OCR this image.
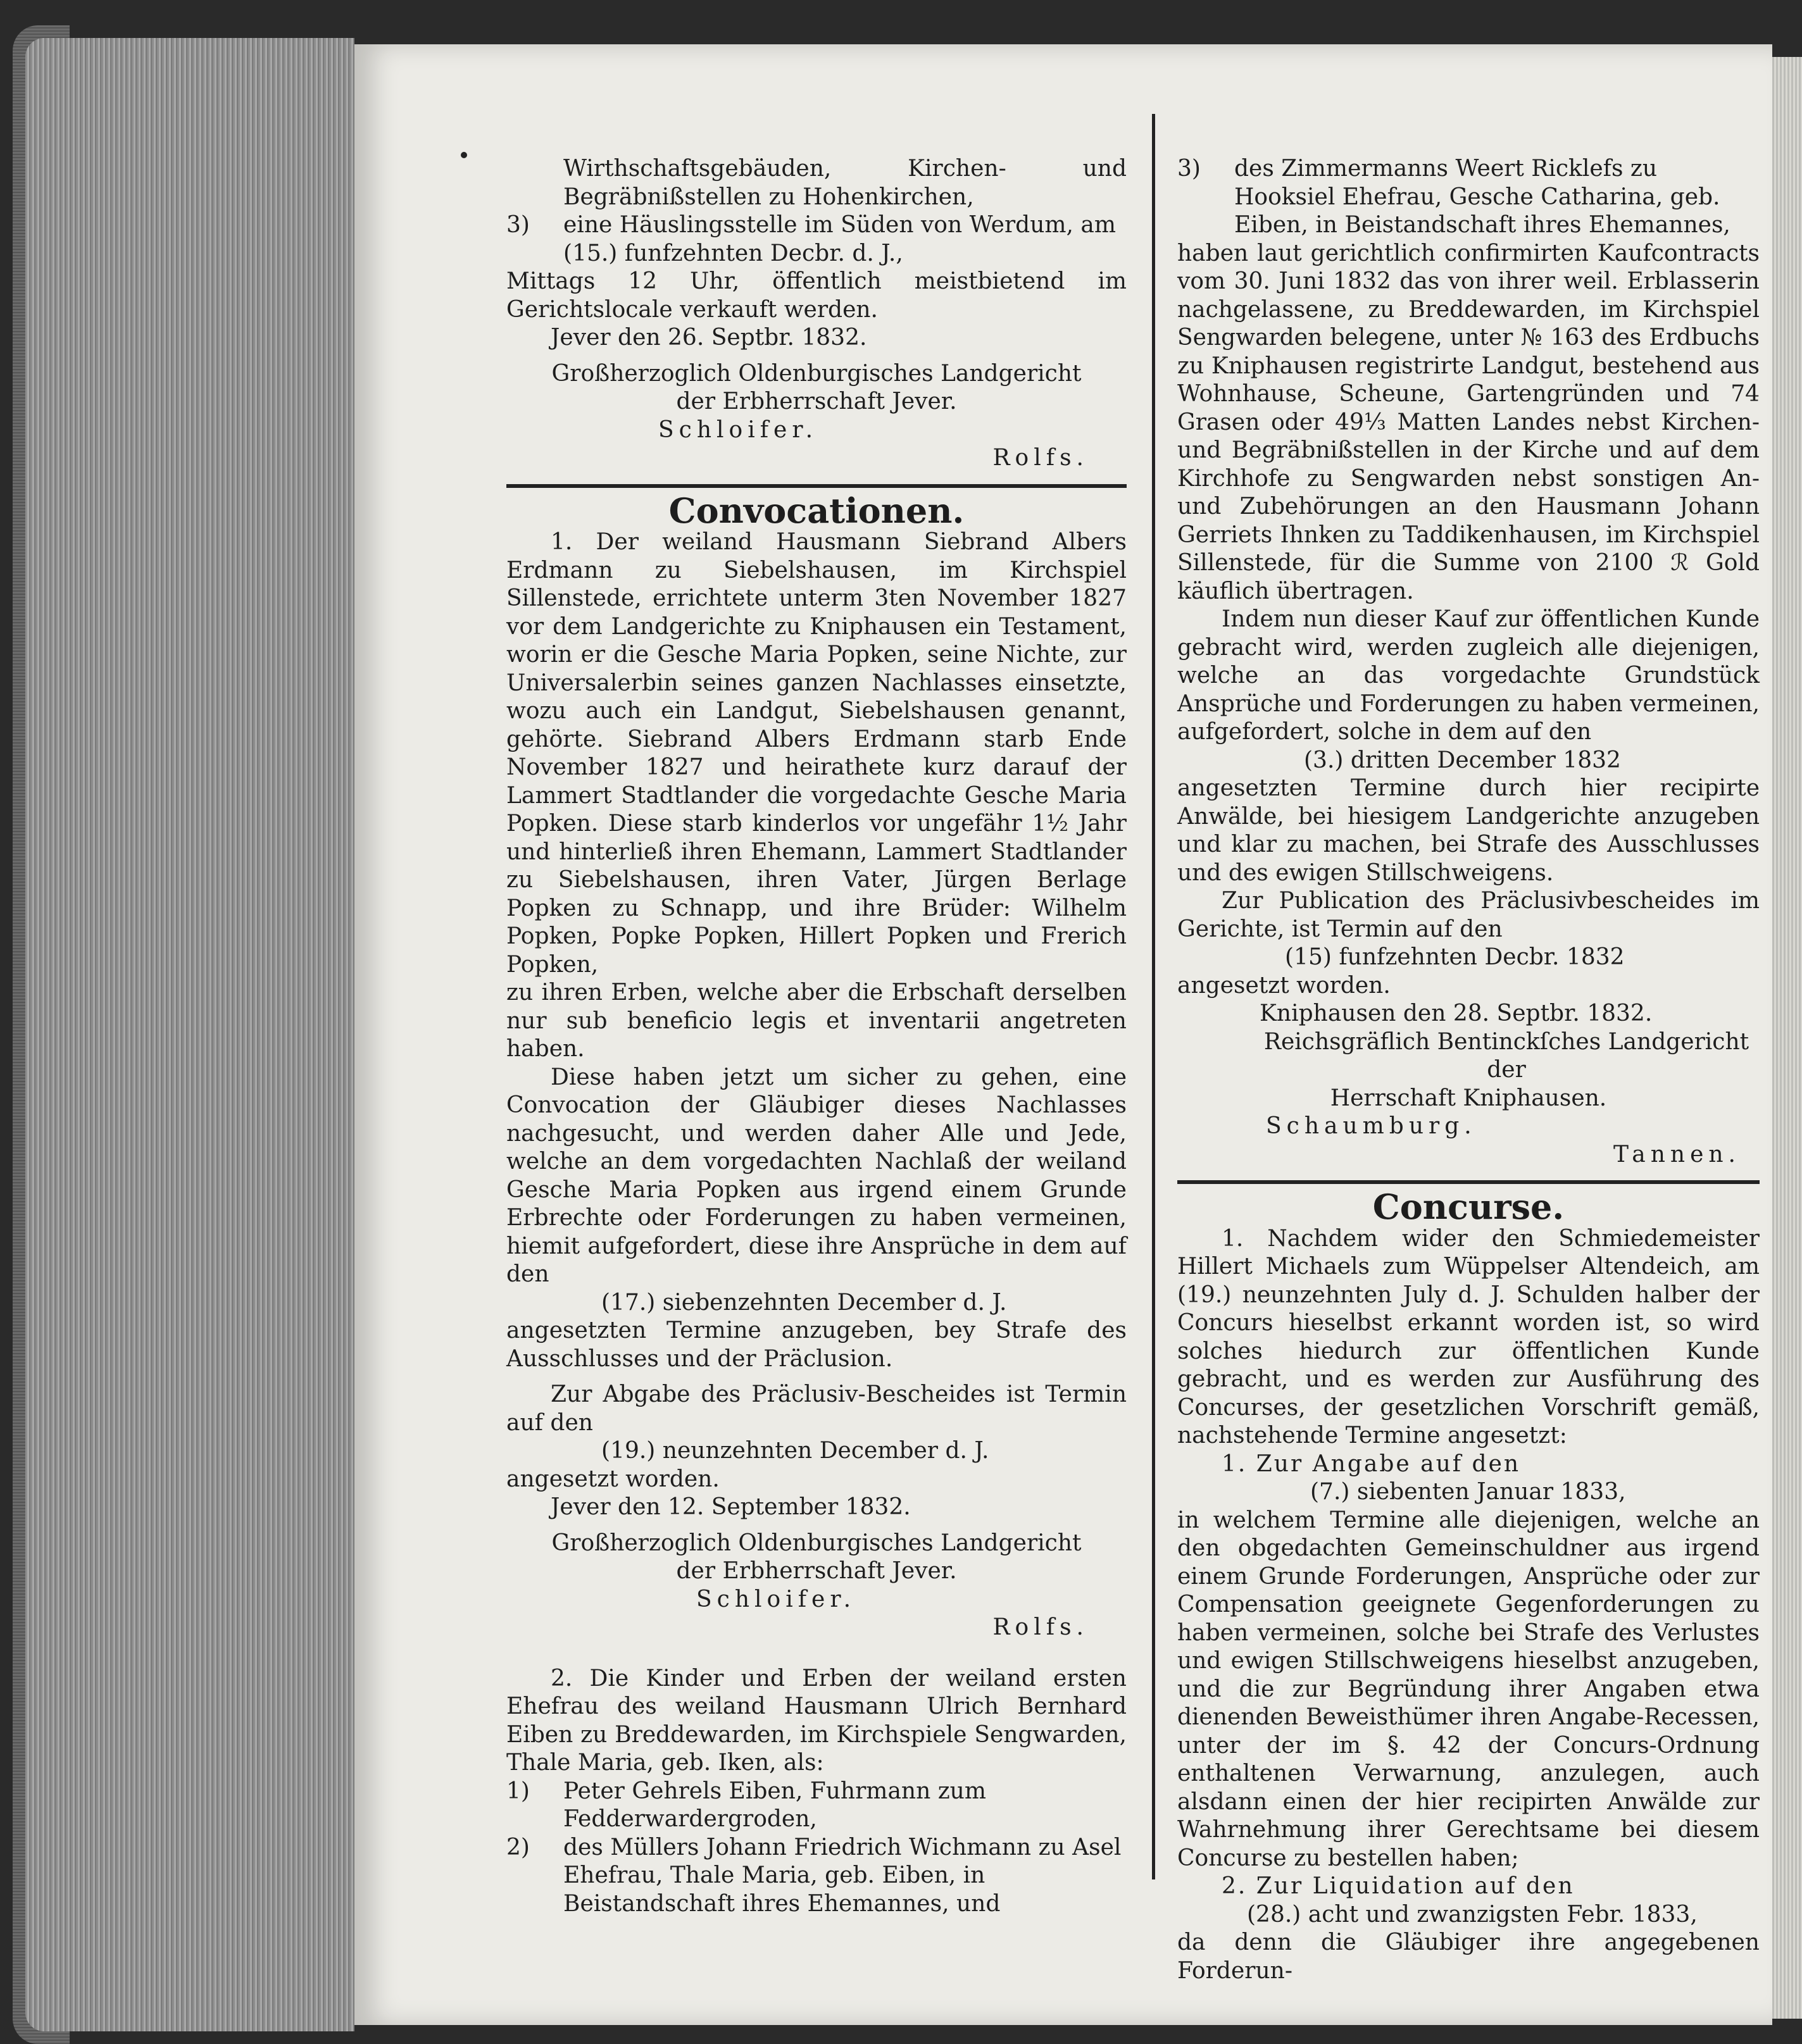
Wirthschaftsgebäuden, Kirchen- und Begräbnißstellen zu Hohenkirchen,

3)	eine Häuslingsstelle im Süden von Werdum, am (15.) funfzehnten Decbr. d. J.,

Mittags 12 Uhr, öffentlich meistbietend im Gerichtslocale verkauft werden.

Jever den 26. Septbr. 1832.

Großherzoglich Oldenburgisches Landgericht

der Erbherrschaft Jever.

Schloifer.

Rolfs.

Convocationen.

1. Der weiland Hausmann Siebrand Albers Erdmann zu Siebelshausen, im Kirchspiel Sillenstede, errichtete unterm 3ten November 1827 vor dem Landgerichte zu Kniphausen ein Testament, worin er die Gesche Maria Popken, seine Nichte, zur Universalerbin seines ganzen Nachlasses einsetzte, wozu auch ein Landgut, Siebelshausen genannt, gehörte. Siebrand Albers Erdmann starb Ende November 1827 und heirathete kurz darauf der Lammert Stadtlander die vorgedachte Gesche Maria Popken. Diese starb kinderlos vor ungefähr 1½ Jahr und hinterließ ihren Ehemann, Lammert Stadtlander zu Siebelshausen, ihren Vater, Jürgen Berlage Popken zu Schnapp, und ihre Brüder: Wilhelm Popken, Popke Popken, Hillert Popken und Frerich Popken,

zu ihren Erben, welche aber die Erbschaft derselben nur sub beneficio legis et inventarii angetreten haben.

Diese haben jetzt um sicher zu gehen, eine Convocation der Gläubiger dieses Nachlasses nachgesucht, und werden daher Alle und Jede, welche an dem vorgedachten Nachlaß der weiland Gesche Maria Popken aus irgend einem Grunde Erbrechte oder Forderungen zu haben vermeinen, hiemit aufgefordert, diese ihre Ansprüche in dem auf den

(17.) siebenzehnten December d. J.

angesetzten Termine anzugeben, bey Strafe des Ausschlusses und der Präclusion.

Zur Abgabe des Präclusiv-Bescheides ist Termin auf den

(19.) neunzehnten December d. J.

angesetzt worden.

Jever den 12. September 1832.

Großherzoglich Oldenburgisches Landgericht

der Erbherrschaft Jever.

Schloifer.

Rolfs.

2. Die Kinder und Erben der weiland ersten Ehefrau des weiland Hausmann Ulrich Bernhard Eiben zu Breddewarden, im Kirchspiele Sengwarden, Thale Maria, geb. Iken, als:

1)	Peter Gehrels Eiben, Fuhrmann zum Fedderwardergroden,
2)	des Müllers Johann Friedrich Wichmann zu Asel Ehefrau, Thale Maria, geb. Eiben, in Beistandschaft ihres Ehemannes, und
3)	des Zimmermanns Weert Ricklefs zu Hooksiel Ehefrau, Gesche Catharina, geb. Eiben, in Beistandschaft ihres Ehemannes,

haben laut gerichtlich confirmirten Kaufcontracts vom 30. Juni 1832 das von ihrer weil. Erblasserin nachgelassene, zu Breddewarden, im Kirchspiel Sengwarden belegene, unter № 163 des Erdbuchs zu Kniphausen registrirte Landgut, bestehend aus Wohnhause, Scheune, Gartengründen und 74 Grasen oder 49⅓ Matten Landes nebst Kirchen- und Begräbnißstellen in der Kirche und auf dem Kirchhofe zu Sengwarden nebst sonstigen An- und Zubehörungen an den Hausmann Johann Gerriets Ihnken zu Taddikenhausen, im Kirchspiel Sillenstede, für die Summe von 2100 ℛ Gold käuflich übertragen.

Indem nun dieser Kauf zur öffentlichen Kunde gebracht wird, werden zugleich alle diejenigen, welche an das vorgedachte Grundstück Ansprüche und Forderungen zu haben vermeinen, aufgefordert, solche in dem auf den

(3.) dritten December 1832

angesetzten Termine durch hier recipirte Anwälde, bei hiesigem Landgerichte anzugeben und klar zu machen, bei Strafe des Ausschlusses und des ewigen Stillschweigens.

Zur Publication des Präclusivbescheides im Gerichte, ist Termin auf den

(15) funfzehnten Decbr. 1832

angesetzt worden.

Kniphausen den 28. Septbr. 1832.

Reichsgräflich Bentinckſches Landgericht der

Herrschaft Kniphausen.

Schaumburg.

Tannen.

Concurse.

1. Nachdem wider den Schmiedemeister Hillert Michaels zum Wüppelser Altendeich, am (19.) neunzehnten July d. J. Schulden halber der Concurs hieselbst erkannt worden ist, so wird solches hiedurch zur öffentlichen Kunde gebracht, und es werden zur Ausführung des Concurses, der gesetzlichen Vorschrift gemäß, nachstehende Termine angesetzt:

1. Zur Angabe auf den

(7.) siebenten Januar 1833,

in welchem Termine alle diejenigen, welche an den obgedachten Gemeinschuldner aus irgend einem Grunde Forderungen, Ansprüche oder zur Compensation geeignete Gegenforderungen zu haben vermeinen, solche bei Strafe des Verlustes und ewigen Stillschweigens hieselbst anzugeben, und die zur Begründung ihrer Angaben etwa dienenden Beweisthümer ihren Angabe-Recessen, unter der im §. 42 der Concurs-Ordnung enthaltenen Verwarnung, anzulegen, auch alsdann einen der hier recipirten Anwälde zur Wahrnehmung ihrer Gerechtsame bei diesem Concurse zu bestellen haben;

2. Zur Liquidation auf den

(28.) acht und zwanzigsten Febr. 1833,

da denn die Gläubiger ihre angegebenen Forderun-
